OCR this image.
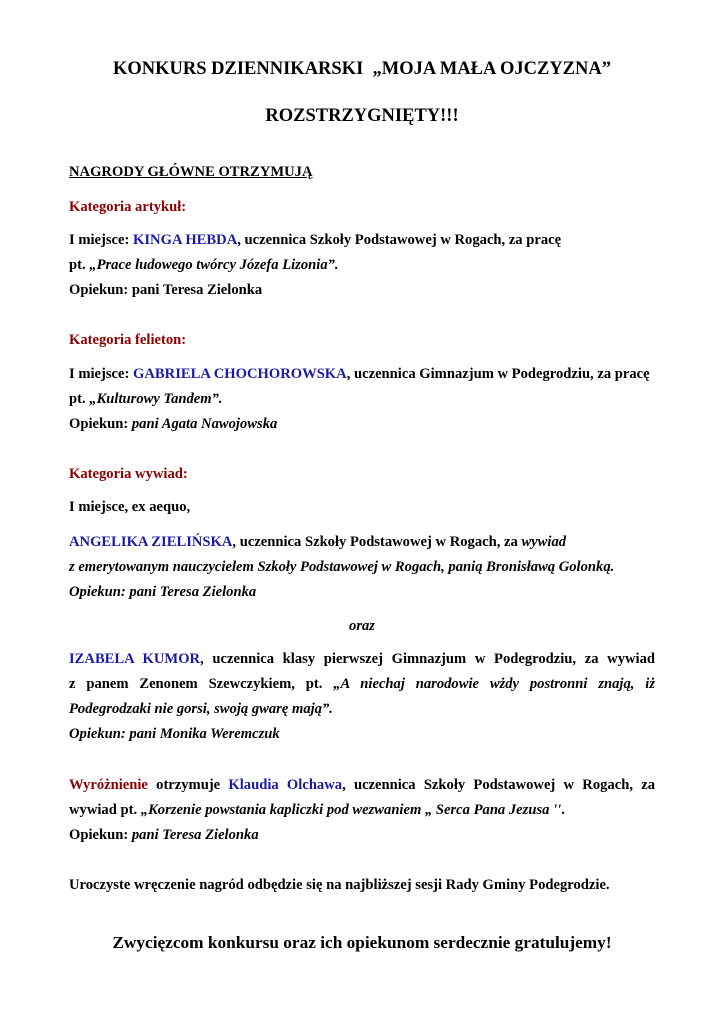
KONKURS DZIENNIKARSKI  „MOJA MAŁA OJCZYZNA”
ROZSTRZYGNIĘTY!!!
NAGRODY GŁÓWNE OTRZYMUJĄ
Kategoria artykuł:
I miejsce: KINGA HEBDA, uczennica Szkoły Podstawowej w Rogach, za pracę
pt. „Prace ludowego twórcy Józefa Lizonia”.
Opiekun: pani Teresa Zielonka
Kategoria felieton:
I miejsce: GABRIELA CHOCHOROWSKA, uczennica Gimnazjum w Podegrodziu, za pracę
pt. „Kulturowy Tandem”.
Opiekun: pani Agata Nawojowska
Kategoria wywiad:
I miejsce, ex aequo,
ANGELIKA ZIELIŃSKA, uczennica Szkoły Podstawowej w Rogach, za wywiad
z emerytowanym nauczycielem Szkoły Podstawowej w Rogach, panią Bronisławą Golonką.
Opiekun: pani Teresa Zielonka
oraz
IZABELA KUMOR, uczennica klasy pierwszej Gimnazjum w Podegrodziu, za wywiad
z panem Zenonem Szewczykiem, pt. „A niechaj narodowie wżdy postronni znają, iż
Podegrodzaki nie gorsi, swoją gwarę mają”.
Opiekun: pani Monika Weremczuk
Wyróżnienie otrzymuje Klaudia Olchawa, uczennica Szkoły Podstawowej w Rogach, za
wywiad pt. „Korzenie powstania kapliczki pod wezwaniem „ Serca Pana Jezusa ''.
Opiekun: pani Teresa Zielonka
Uroczyste wręczenie nagród odbędzie się na najbliższej sesji Rady Gminy Podegrodzie.
Zwycięzcom konkursu oraz ich opiekunom serdecznie gratulujemy!
